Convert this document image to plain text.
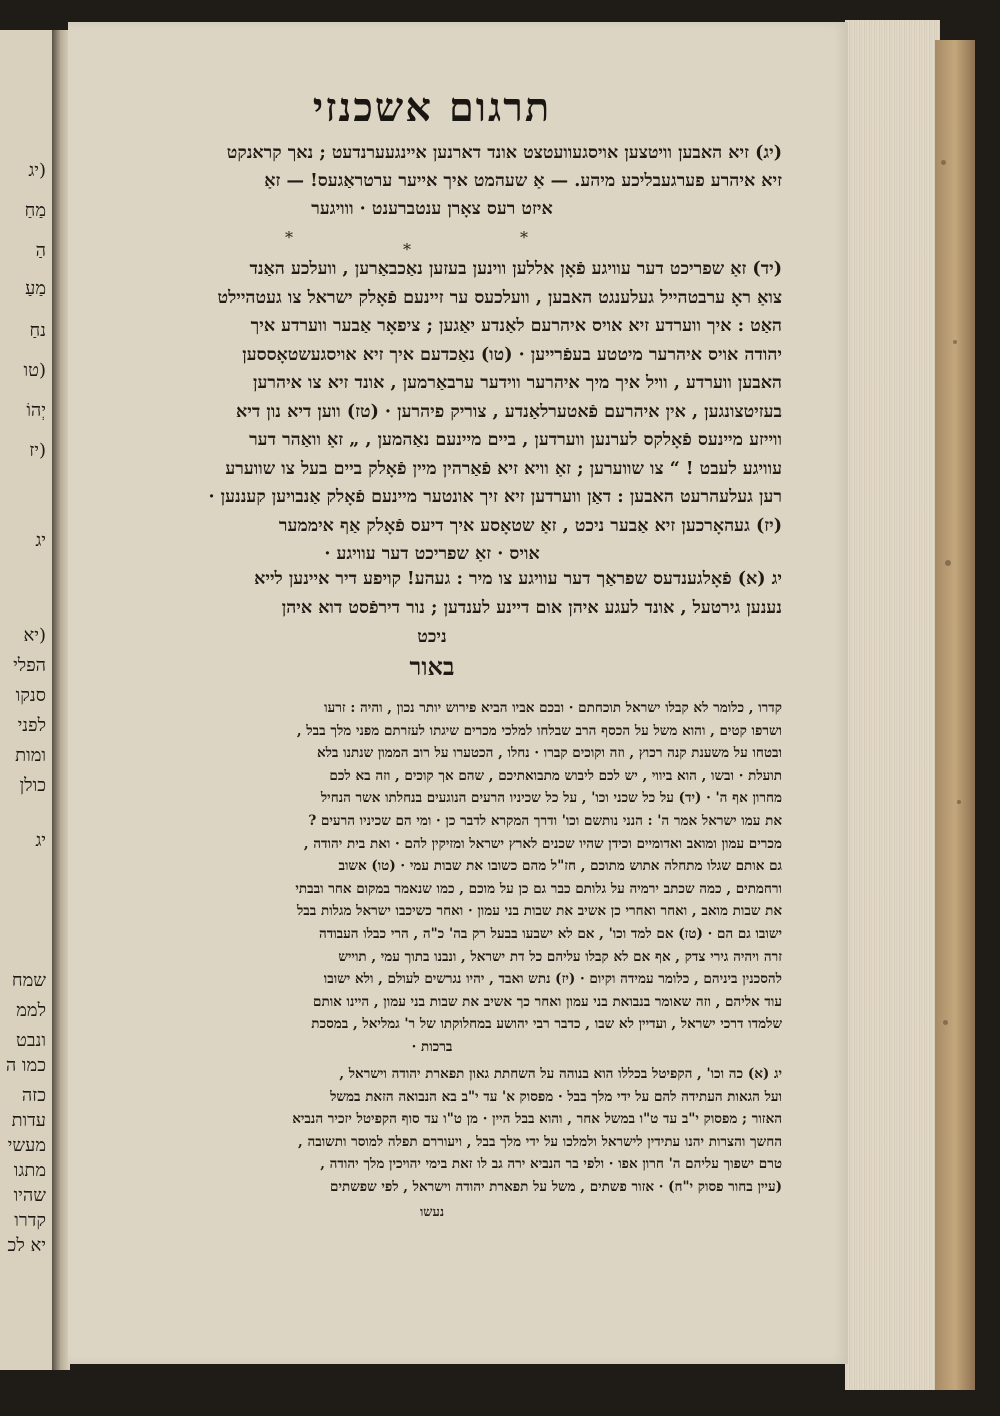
(יג
מַחַ
הַ
מַעַ
נחַ
(טו
יְהוֹ
(יז
יג
(יא
הפלי
סנקו
לפני
ומות
כולן
יג
שמח
לממ
ונבט
כמו ה
כזה
עדות
מעשי
מתגו
שהיו
קדרו
יא לכ
תרגום אשכנזי
(יג) זיא האבען וויטצען אויסגעוועטצט אונד דארנען איינגעערנדעט ; נאך קראנקט
זיא איהרע פערגעבליכע מיהע. — אַ שעהמט איך אייער ערטראַגעס! — זאַ
איזט רעס צאָרן ענטברענט · ווויגער
(יד) זאַ שפריכט דער עוויגע פֿאָן אללען ווינען בעזען נאַכבאַרען , וועלכע האַנד
צואַ ראָ ערבטהייל געלענגט האבען , וועלכעס ער זיינעם פֿאָלק ישראל צו געטהיילט
האַט : איך ווערדע זיא אויס איהרעם לאַנדע יאַגען ; ציפאָר אַבער ווערדע איך
יהודה אויס איהרער מיטטע בעפֿרייען · (טו) נאַכדעם איך זיא אויסגעשטאָססען
האבען ווערדע , וויל איך מיך איהרער ווידער ערבאַרמען , אונד זיא צו איהרען
בעזיטצונגען , אין איהרעם פֿאטערלאַנדע , צוריק פיהרען · (טז) ווען דיא נון דיא
ווייזע מיינעס פֿאָלקס לערנען ווערדען , ביים מיינעם נאַהמען , „ זאַ וואַהר דער
עוויגע לעבט ! “ צו שווערען ; זאַ וויא זיא פֿאַרהין מיין פֿאָלק ביים בעל צו שווערע
רען געלעהרעט האבען : דאַן ווערדען זיא זיך אונטער מיינעם פֿאָלק אַנבויען קעננען ·
(יז) געהאָרכען זיא אַבער ניכט , זאַ שטאָסע איך דיעס פֿאָלק אַף איממער
אויס · זאַ שפריכט דער עוויגע ·
*
*
*
יג (א) פֿאָלגענדעס שפראַך דער עוויגע צו מיר : געהע! קויפע דיר איינען לייא
נענען גירטעל , אונד לעגע איהן אום דיינע לענדען ; נור דירפֿסט דוא איהן
ניכט
באור
קדרו , כלומר לא קבלו ישראל תוכחתם · ובכם אביו הביא פירוש יותר נכון , והיה : זרעו
ושרפו קטים , והוא משל על הכסף הרב שבלחו למלכי מכרים שיגתו לעזרתם מפני מלך בבל ,
ובטחו על משענת קנה רכוץ , וזה וקוכים קברו · נחלו , הכטערו על רוב הממון שנתנו בלא
תועלת · ובשו , הוא ביווי , יש לכם ליבוש מתבואתיכם , שהם אך קוכים , וזה בא לכם
מחרון אף ה' · (יד) על כל שכני וכו' , על כל שכיניו הרעים הנוגעים בנחלתו אשר הנחיל
את עמו ישראל אמר ה' : הנני נותשם וכו' ודרך המקרא לדבר כן · ומי הם שכיניו הרעים ?
מכרים עמון ומואב ואדומיים וכידן שהיו שכנים לארץ ישראל ומזיקין להם · ואת בית יהודה ,
גם אותם שגלו מתחלה אתוש מתוכם , חז"ל מהם כשובו את שבות עמי · (טו) אשוב
ורחמתים , כמה שכתב ירמיה על גלותם כבר גם כן על מוכם , כמו שנאמר במקום אחר ובבתי
את שבות מואב , ואחר ואחרי כן אשיב את שבות בני עמון · ואחר כשיכבו ישראל מגלות בבל
ישובו גם הם · (טז) אם למד וכו' , אם לא ישבעו בבעל רק בה' כ"ה , הרי כבלו העבודה
זרה ויהיה גירי צדק , אף אם לא קבלו עליהם כל דת ישראל , ונבנו בתוך עמי , תוייש
להסכנין ביניהם , כלומר עמידה וקיום · (יז) נתש ואבד , יהיו נגרשים לעולם , ולא ישובו
עוד אליהם , וזה שאומר בנבואת בני עמון ואחר כך אשיב את שבות בני עמון , היינו אותם
שלמדו דרכי ישראל , ועדיין לא שבו , כדבר רבי יהושע במחלוקתו של ר' גמליאל , במסכת
ברכות ·
יג (א) כה וכו' , הקפיטל בכללו הוא בנוהה על השחתת גאון תפארת יהודה וישראל ,
ועל הגאות העתידה להם על ידי מלך בבל · מפסוק א' עד י"ב בא הנבואה הזאת במשל
האזור ; מפסוק י"ב עד ט"ו במשל אחר , והוא בבל היין · מן ט"ו עד סוף הקפיטל יזכיר הנביא
החשך והצרות יהנו עתידין לישראל ולמלכו על ידי מלך בבל , ויעוררם תפלה למוסר ותשובה ,
טרם ישפוך עליהם ה' חרון אפו · ולפי בר הנביא ירה גב לו זאת בימי יהויכין מלך יהודה ,
(עיין בחור פסוק י"ח) · אזור פשתים , משל על תפארת יהודה וישראל , לפי שפשתים
נעשו
